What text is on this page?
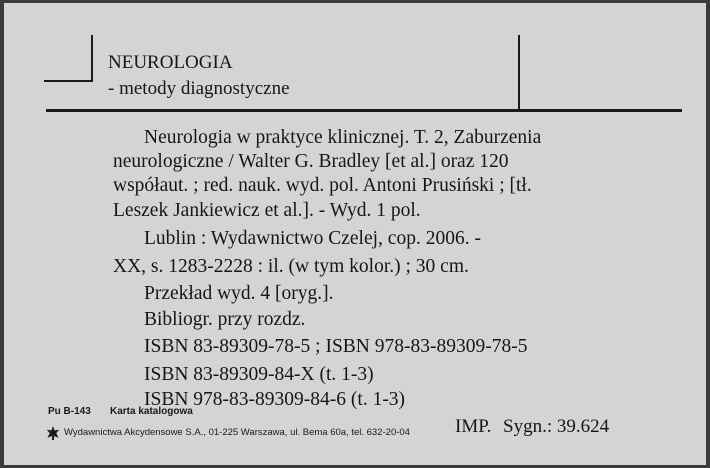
NEUROLOGIA
- metody diagnostyczne
Neurologia w praktyce klinicznej. T. 2, Zaburzenia
neurologiczne / Walter G. Bradley [et al.] oraz 120
współaut. ; red. nauk. wyd. pol. Antoni Prusiński ; [tł.
Leszek Jankiewicz et al.]. - Wyd. 1 pol.
Lublin : Wydawnictwo Czelej, cop. 2006. -
XX, s. 1283-2228 : il. (w tym kolor.) ; 30 cm.
Przekład wyd. 4 [oryg.].
Bibliogr. przy rozdz.
ISBN 83-89309-78-5 ; ISBN 978-83-89309-78-5
ISBN 83-89309-84-X (t. 1-3)
ISBN 978-83-89309-84-6 (t. 1-3)
Pu B-143 Karta katalogowa
Wydawnictwa Akcydensowe S.A., 01-225 Warszawa, ul. Bema 60a, tel. 632-20-04 IMP. Sygn.: 39.624
